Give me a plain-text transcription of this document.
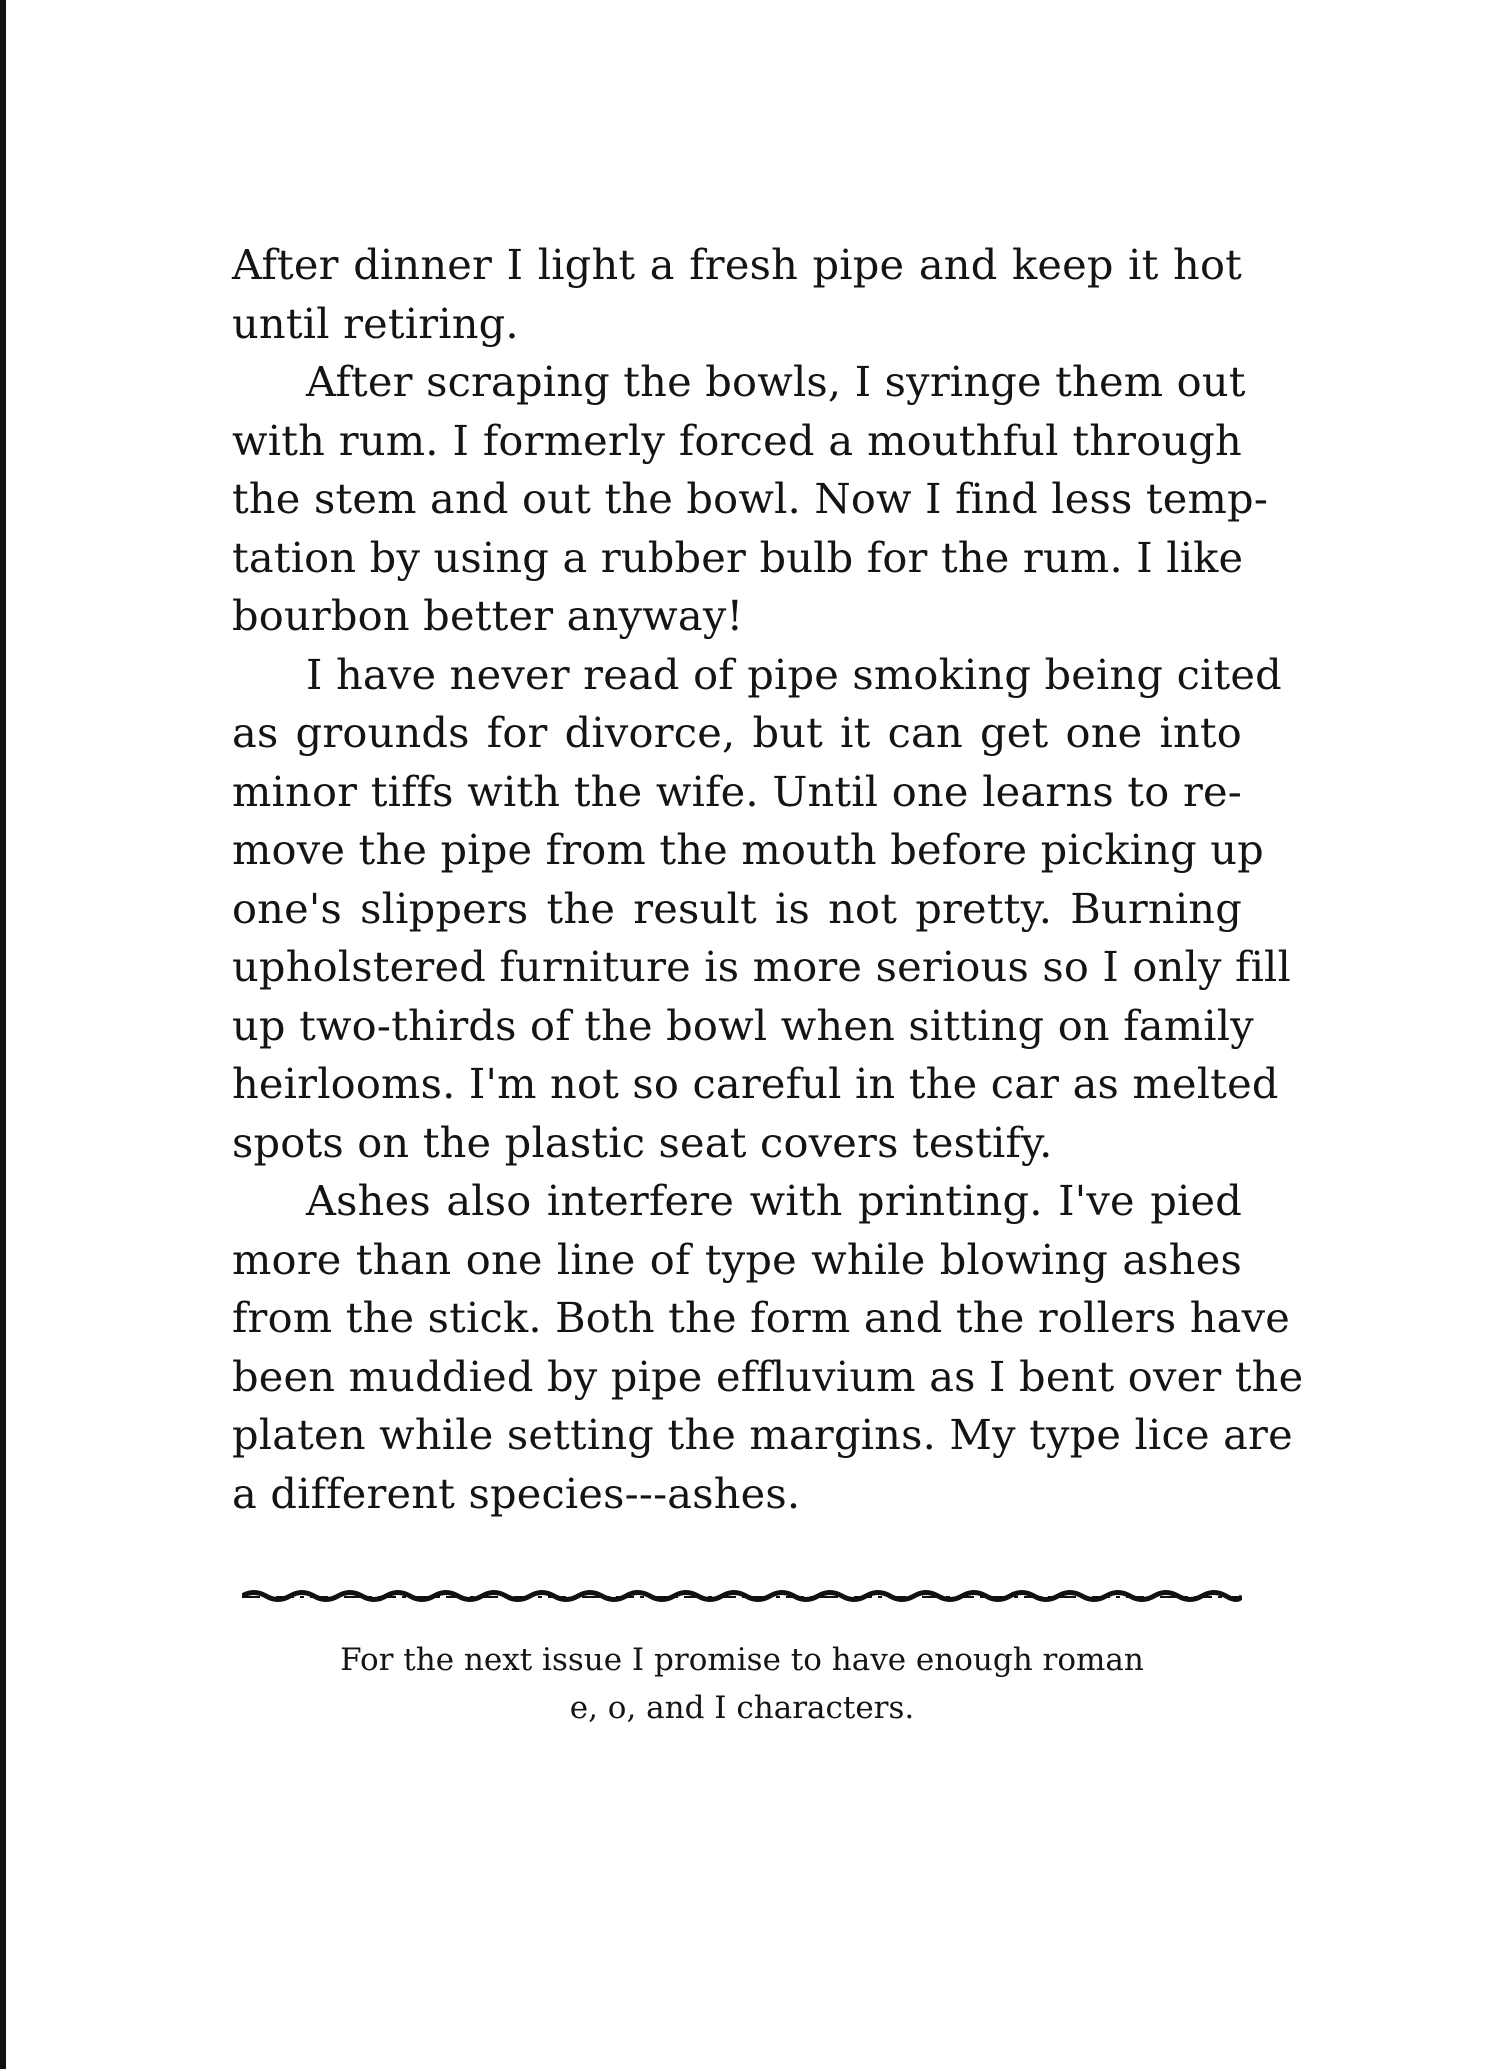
After dinner I light a fresh pipe and keep it hot
until retiring.
After scraping the bowls, I syringe them out
with rum. I formerly forced a mouthful through
the stem and out the bowl. Now I find less temp-
tation by using a rubber bulb for the rum. I like
bourbon better anyway!
I have never read of pipe smoking being cited
as grounds for divorce, but it can get one into
minor tiffs with the wife. Until one learns to re-
move the pipe from the mouth before picking up
one's slippers the result is not pretty. Burning
upholstered furniture is more serious so I only fill
up two-thirds of the bowl when sitting on family
heirlooms. I'm not so careful in the car as melted
spots on the plastic seat covers testify.
Ashes also interfere with printing. I've pied
more than one line of type while blowing ashes
from the stick. Both the form and the rollers have
been muddied by pipe effluvium as I bent over the
platen while setting the margins. My type lice are
a different species---ashes.
For the next issue I promise to have enough roman
e, o, and I characters.
